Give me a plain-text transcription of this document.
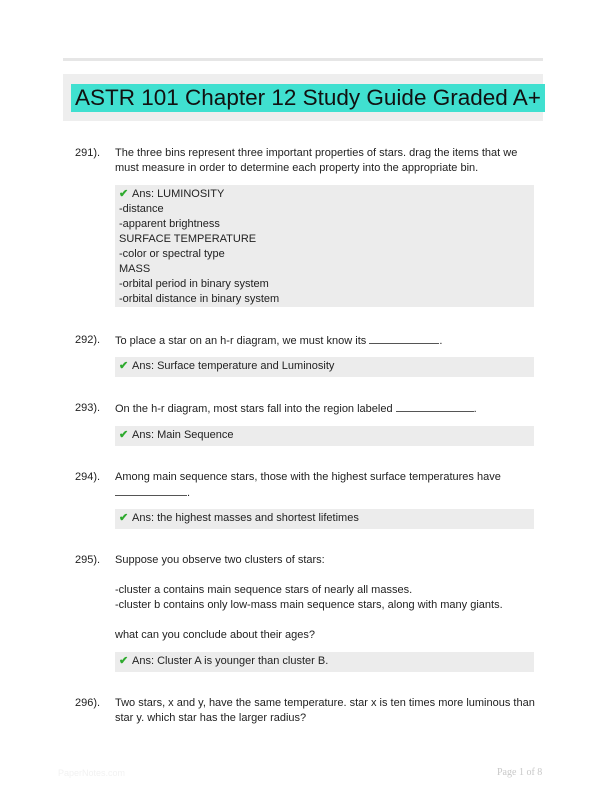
ASTR 101 Chapter 12 Study Guide Graded A+
291). The three bins represent three important properties of stars. drag the items that we must measure in order to determine each property into the appropriate bin.
✔ Ans: LUMINOSITY
-distance
-apparent brightness
SURFACE TEMPERATURE
-color or spectral type
MASS
-orbital period in binary system
-orbital distance in binary system
292). To place a star on an h-r diagram, we must know its	.
✔ Ans: Surface temperature and Luminosity
293). On the h-r diagram, most stars fall into the region labeled	.
✔ Ans: Main Sequence
294). Among main sequence stars, those with the highest surface temperatures have .
✔ Ans: the highest masses and shortest lifetimes
295). Suppose you observe two clusters of stars:

-cluster a contains main sequence stars of nearly all masses.

-cluster b contains only low-mass main sequence stars, along with many giants.

what can you conclude about their ages?

✔ Ans: Cluster A is younger than cluster B.
296). Two stars, x and y, have the same temperature. star x is ten times more luminous than star y. which star has the larger radius?
PaperNotes.com	Page 1 of 8
